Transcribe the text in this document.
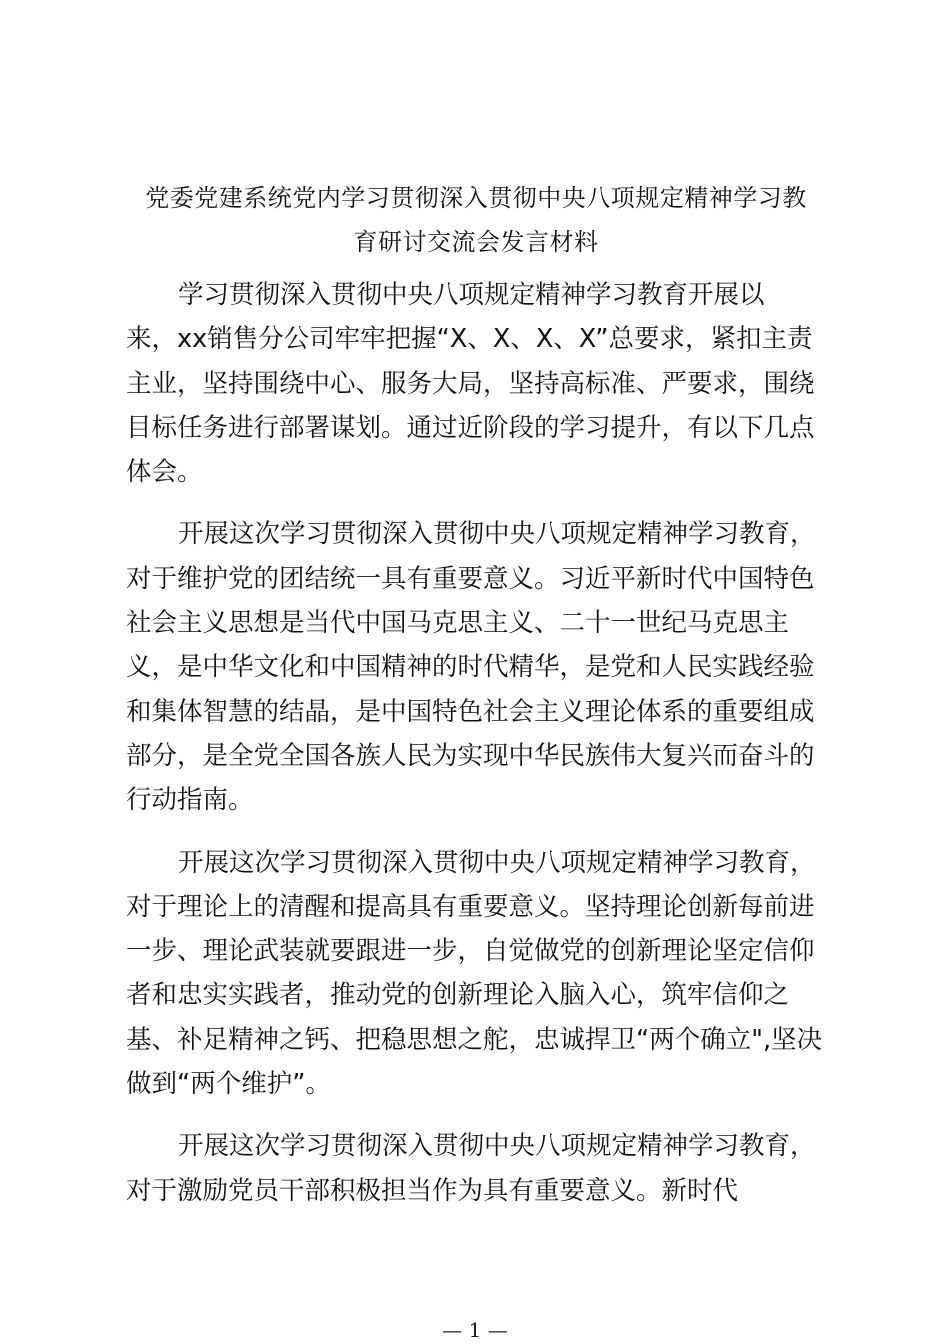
党委党建系统党内学习贯彻深入贯彻中央八项规定精神学习教
育研讨交流会发言材料

学习贯彻深入贯彻中央八项规定精神学习教育开展以
来，xx销售分公司牢牢把握“X、X、X、X”总要求，紧扣主责
主业，坚持围绕中心、服务大局，坚持高标准、严要求，围绕
目标任务进行部署谋划。通过近阶段的学习提升，有以下几点
体会。

开展这次学习贯彻深入贯彻中央八项规定精神学习教育，
对于维护党的团结统一具有重要意义。习近平新时代中国特色
社会主义思想是当代中国马克思主义、二十一世纪马克思主
义，是中华文化和中国精神的时代精华，是党和人民实践经验
和集体智慧的结晶，是中国特色社会主义理论体系的重要组成
部分，是全党全国各族人民为实现中华民族伟大复兴而奋斗的
行动指南。

开展这次学习贯彻深入贯彻中央八项规定精神学习教育，
对于理论上的清醒和提高具有重要意义。坚持理论创新每前进
一步、理论武装就要跟进一步，自觉做党的创新理论坚定信仰
者和忠实实践者，推动党的创新理论入脑入心，筑牢信仰之
基、补足精神之钙、把稳思想之舵，忠诚捍卫“两个确立",坚决
做到“两个维护”。

开展这次学习贯彻深入贯彻中央八项规定精神学习教育，
对于激励党员干部积极担当作为具有重要意义。新时代

— 1 —
